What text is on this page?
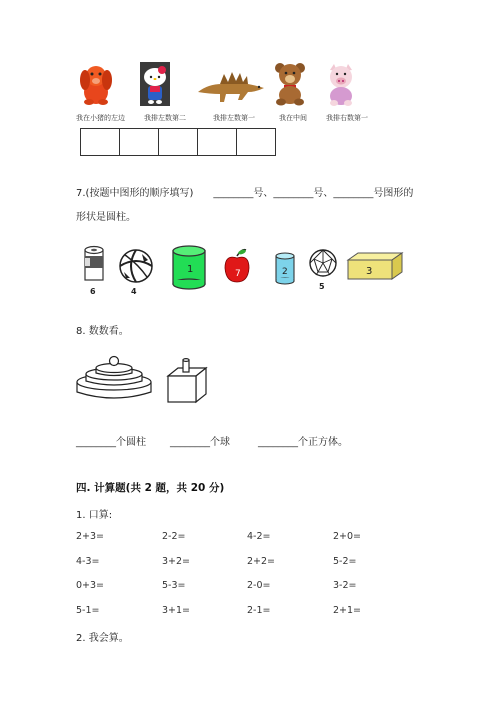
我在小猪的左边	我排左数第二	我排左数第一	我在中间	我排右数第一
7.(按题中图形的顺序填写)　　________号、________号、________号图形的
形状是圆柱。
6	4
1	7	2
5
3
8. 数数看。
________个圆柱 ________个球	________个正方体。
四. 计算题(共 2 题，共 20 分)
1. 口算:
2+3=	2-2=	4-2=	2+0=
4-3=	3+2=	2+2=	5-2=
0+3=	5-3=	2-0=	3-2=
5-1=	3+1=	2-1=	2+1=
2. 我会算。
